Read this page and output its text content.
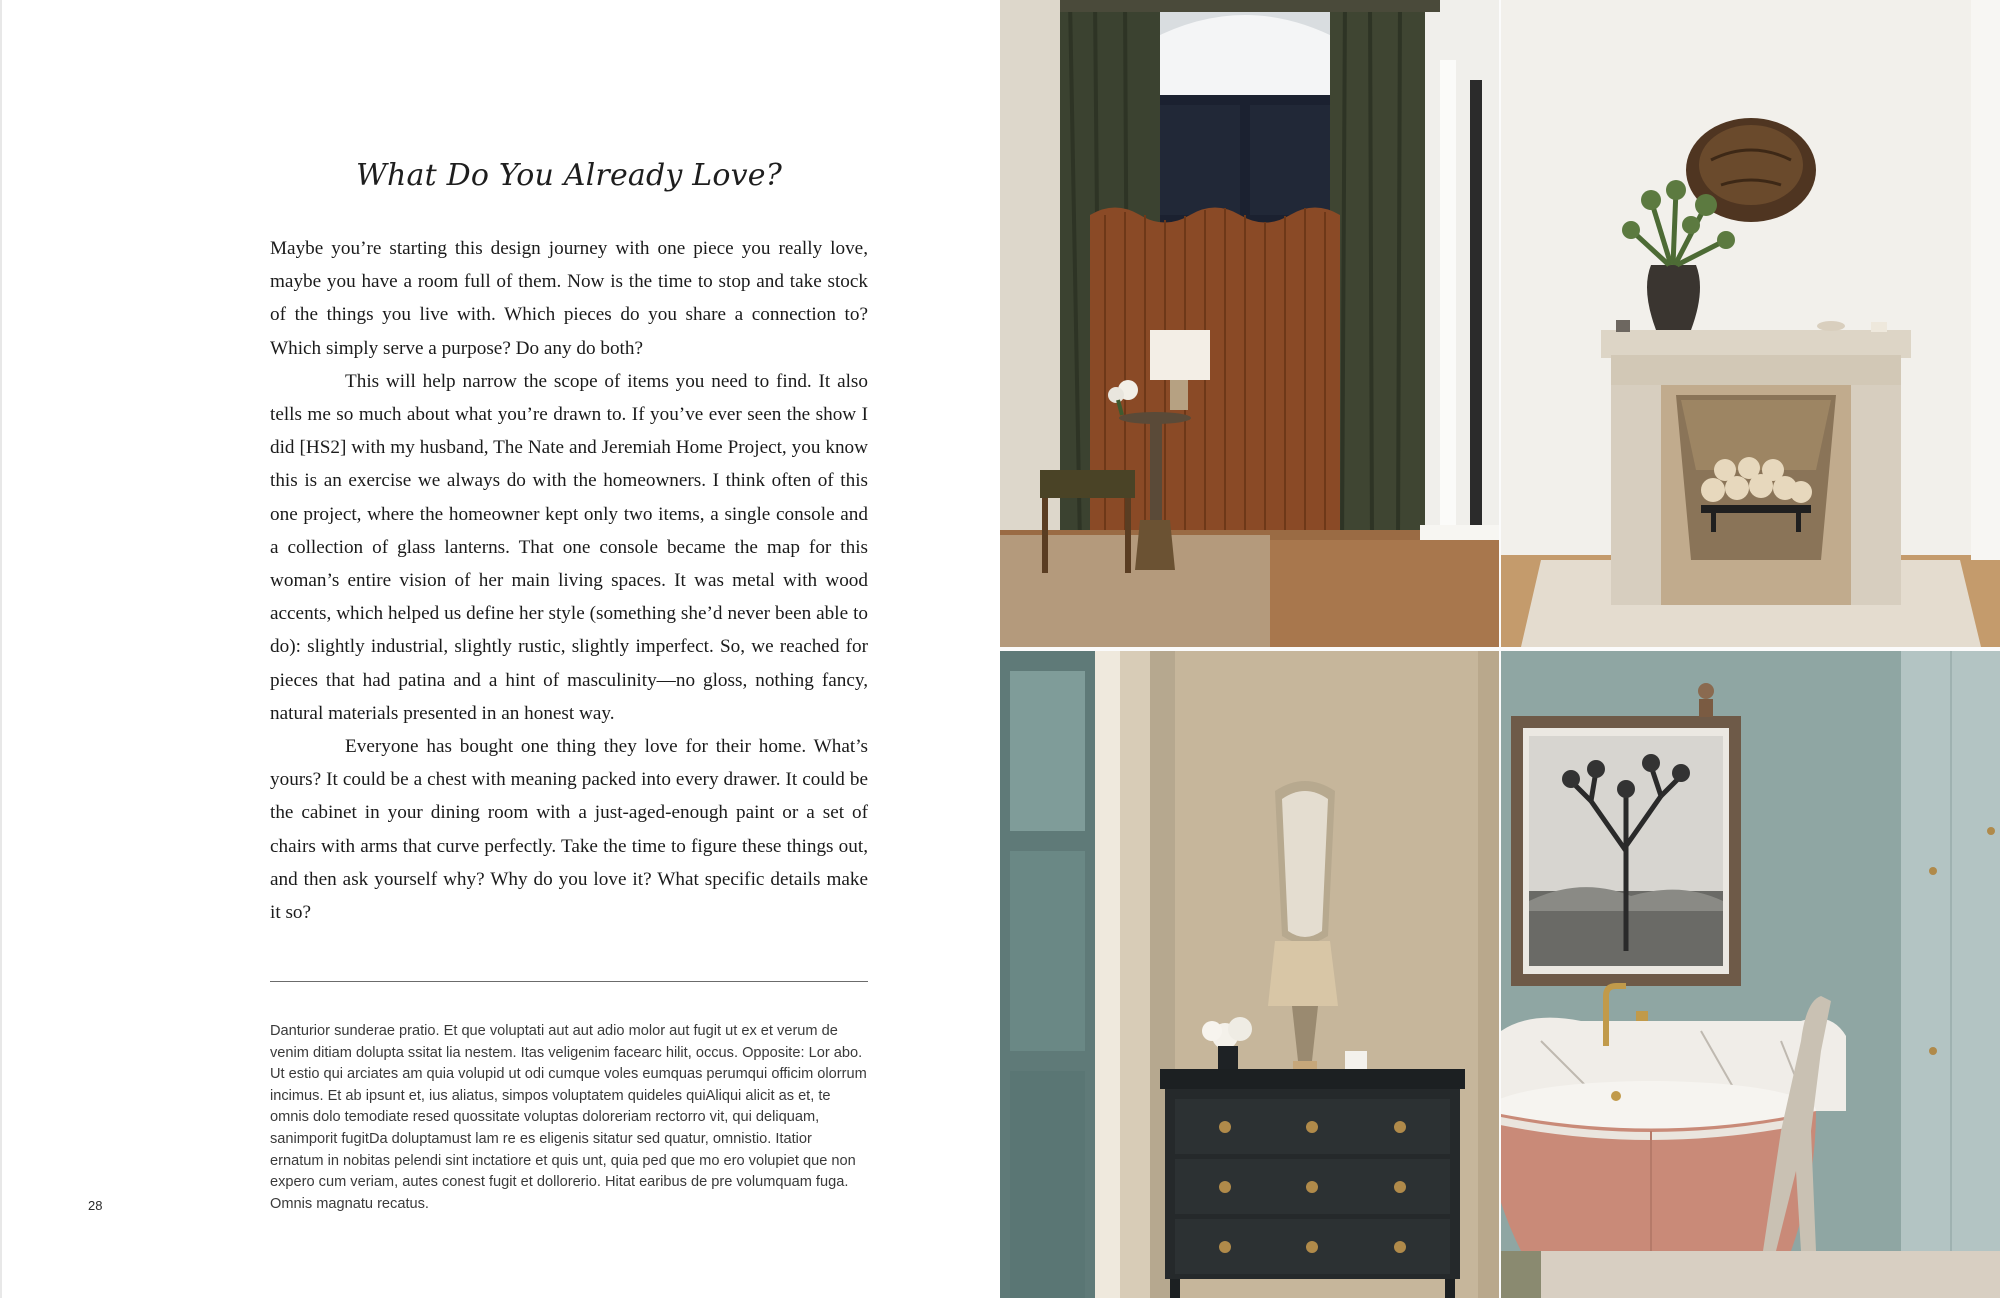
What Do You Already Love?

Maybe you’re starting this design journey with one piece you really love, maybe you have a room full of them. Now is the time to stop and take stock of the things you live with. Which pieces do you share a connection to? Which simply serve a purpose? Do any do both?

This will help narrow the scope of items you need to find. It also tells me so much about what you’re drawn to. If you’ve ever seen the show I did [HS2] with my husband, The Nate and Jeremiah Home Project, you know this is an exercise we always do with the homeowners. I think often of this one project, where the homeowner kept only two items, a single console and a collection of glass lanterns. That one console became the map for this woman’s entire vision of her main living spaces. It was metal with wood accents, which helped us define her style (something she’d never been able to do): slightly industrial, slightly rustic, slightly imperfect. So, we reached for pieces that had patina and a hint of masculinity—no gloss, nothing fancy, natural materials presented in an honest way.

Everyone has bought one thing they love for their home. What’s yours? It could be a chest with meaning packed into every drawer. It could be the cabinet in your dining room with a just-aged-enough paint or a set of chairs with arms that curve perfectly. Take the time to figure these things out, and then ask yourself why? Why do you love it? What specific details make it so?

Danturior sunderae pratio. Et que voluptati aut aut adio molor aut fugit ut ex et verum de venim ditiam dolupta ssitat lia nestem. Itas veligenim facearc hilit, occus. Opposite: Lor abo. Ut estio qui arciates am quia volupid ut odi cumque voles eumquas perumqui officim olorrum incimus. Et ab ipsunt et, ius aliatus, simpos voluptatem quideles quiAliqui alicit as et, te omnis dolo temodiate resed quossitate voluptas doloreriam rectorro vit, qui deliquam, sanimporit fugitDa doluptamust lam re es eligenis sitatur sed quatur, omnistio. Itatior ernatum in nobitas pelendi sint inctatiore et quis unt, quia ped que mo ero volupiet que non expero cum veriam, autes conest fugit et dollorerio. Hitat earibus de pre volumquam fuga. Omnis magnatu recatus.
28
